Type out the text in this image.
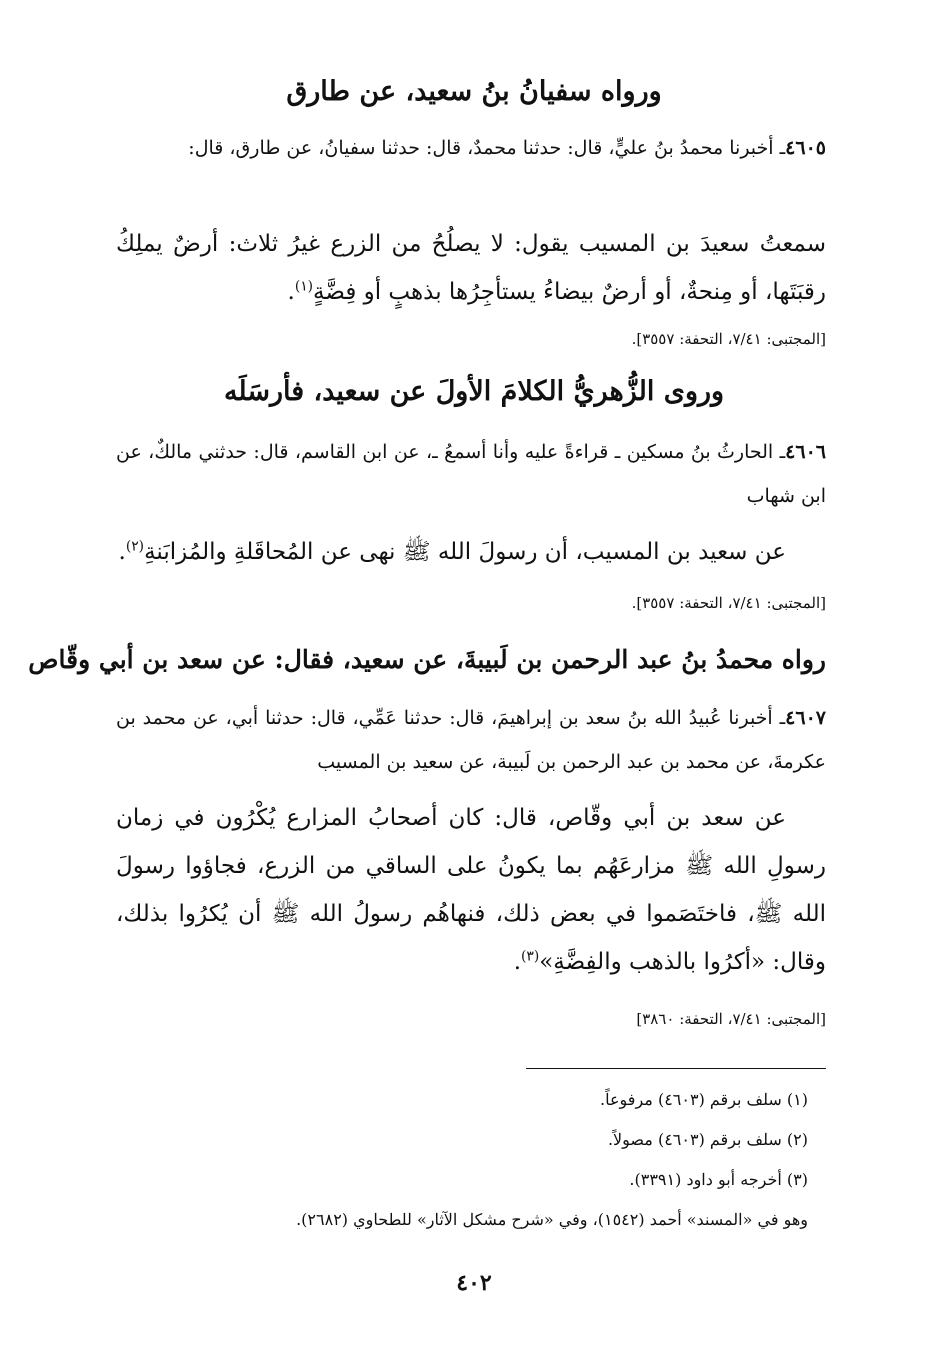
ورواه سفيانُ بنُ سعيد، عن طارق
٤٦٠٥ـ أخبرنا محمدُ بنُ عليٍّ، قال: حدثنا محمدٌ، قال: حدثنا سفيانُ، عن طارق، قال:
سمعتُ سعيدَ بن المسيب يقول: لا يصلُحُ من الزرع غيرُ ثلاث: أرضٌ يملِكُ رقبَتَها، أو مِنحةٌ، أو أرضٌ بيضاءُ يستأجِرُها بذهبٍ أو فِضَّةٍ$^{(١)}$.
[المجتبى: ٧/٤١، التحفة: ٣٥٥٧].
وروى الزُّهريُّ الكلامَ الأولَ عن سعيد، فأرسَلَه
٤٦٠٦ـ الحارثُ بنُ مسكين ـ قراءةً عليه وأنا أسمعُ ـ، عن ابن القاسم، قال: حدثني مالكٌ، عن ابن شهاب
عن سعيد بن المسيب، أن رسولَ الله ﷺ نهى عن المُحاقَلةِ والمُزابَنةِ$^{(٢)}$.
[المجتبى: ٧/٤١، التحفة: ٣٥٥٧].
رواه محمدُ بنُ عبد الرحمن بن لَبيبةَ، عن سعيد، فقال: عن سعد بن أبي وقّاص
٤٦٠٧ـ أخبرنا عُبيدُ الله بنُ سعد بن إبراهيمَ، قال: حدثنا عَمِّي، قال: حدثنا أبي، عن محمد بن عكرمةَ، عن محمد بن عبد الرحمن بن لَبيبة، عن سعيد بن المسيب
عن سعد بن أبي وقّاص، قال: كان أصحابُ المزارع يُكْرُون في زمان رسولِ الله ﷺ مزارعَهُم بما يكونُ على الساقي من الزرع، فجاؤوا رسولَ الله ﷺ، فاختَصَموا في بعض ذلك، فنهاهُم رسولُ الله ﷺ أن يُكرُوا بذلك، وقال: «أكرُوا بالذهب والفِضَّةِ»$^{(٣)}$.
[المجتبى: ٧/٤١، التحفة: ٣٨٦٠]
(١) سلف برقم (٤٦٠٣) مرفوعاً.
(٢) سلف برقم (٤٦٠٣) مصولاً.
(٣) أخرجه أبو داود (٣٣٩١).
وهو في «المسند» أحمد (١٥٤٢)، وفي «شرح مشكل الآثار» للطحاوي (٢٦٨٢).
٤٠٢
